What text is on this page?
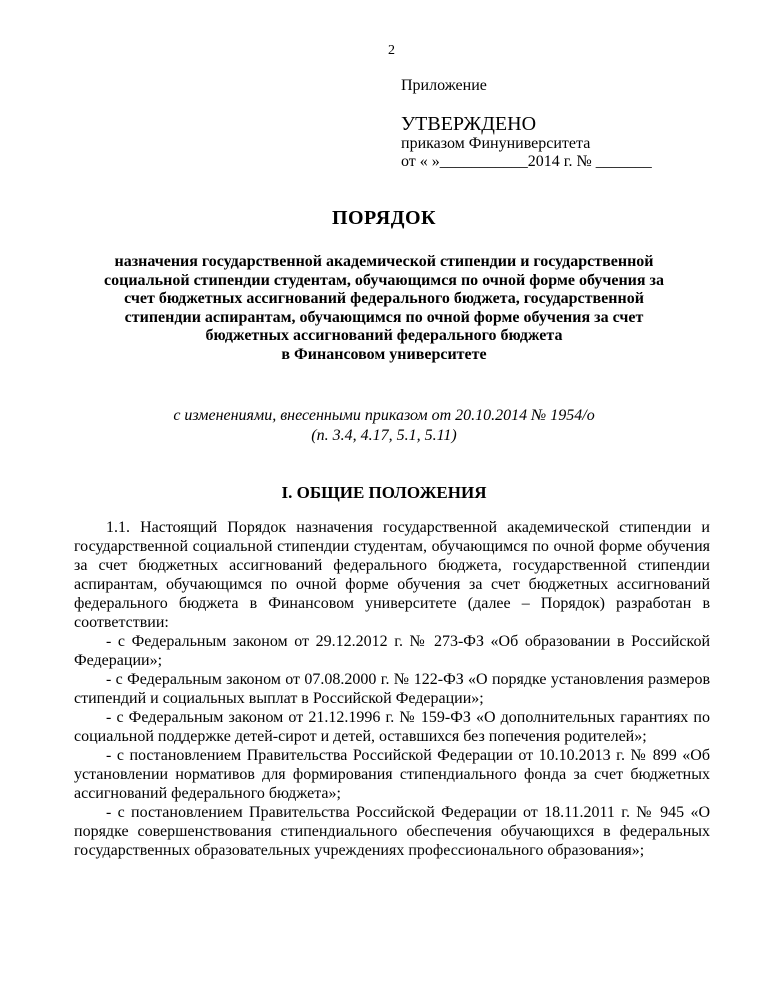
2
Приложение
УТВЕРЖДЕНО
приказом Финуниверситета
от « »___________2014 г. № _______
ПОРЯДОК
назначения государственной академической стипендии и государственной
социальной стипендии студентам, обучающимся по очной форме обучения за
счет бюджетных ассигнований федерального бюджета, государственной
стипендии аспирантам, обучающимся по очной форме обучения за счет
бюджетных ассигнований федерального бюджета
в Финансовом университете
с изменениями, внесенными приказом от 20.10.2014 № 1954/о
(п. 3.4, 4.17, 5.1, 5.11)
I. ОБЩИЕ ПОЛОЖЕНИЯ

1.1. Настоящий Порядок назначения государственной академической стипендии и государственной социальной стипендии студентам, обучающимся по очной форме обучения за счет бюджетных ассигнований федерального бюджета, государственной стипендии аспирантам, обучающимся по очной форме обучения за счет бюджетных ассигнований федерального бюджета в Финансовом университете (далее – Порядок) разработан в соответствии:

- с Федеральным законом от 29.12.2012 г. № 273-ФЗ «Об образовании в Российской Федерации»;

- с Федеральным законом от 07.08.2000 г. № 122-ФЗ «О порядке установления размеров стипендий и социальных выплат в Российской Федерации»;

- с Федеральным законом от 21.12.1996 г. № 159-ФЗ «О дополнительных гарантиях по социальной поддержке детей-сирот и детей, оставшихся без попечения родителей»;

- с постановлением Правительства Российской Федерации от 10.10.2013 г. № 899 «Об установлении нормативов для формирования стипендиального фонда за счет бюджетных ассигнований федерального бюджета»;

- с постановлением Правительства Российской Федерации от 18.11.2011 г. № 945 «О порядке совершенствования стипендиального обеспечения обучающихся в федеральных государственных образовательных учреждениях профессионального образования»;
